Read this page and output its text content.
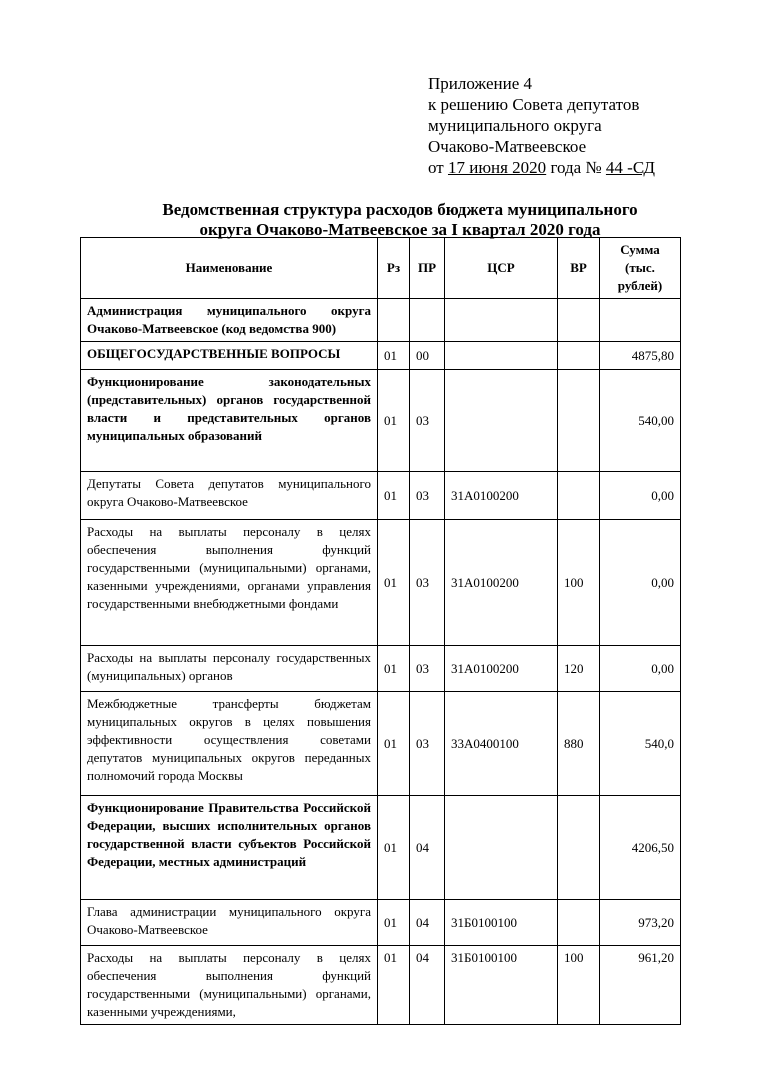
Приложение 4
к решению Совета депутатов
муниципального округа
Очаково-Матвеевское
от 17 июня 2020 года № 44 -СД
Ведомственная структура расходов бюджета муниципального
округа Очаково-Матвеевское за I квартал 2020 года
Наименование	Рз	ПР	ЦСР	ВР	Сумма (тыс. рублей)
Администрация муниципального округа Очаково-Матвеевское (код ведомства 900)					
ОБЩЕГОСУДАРСТВЕННЫЕ ВОПРОСЫ	01	00			4875,80
Функционирование законодательных (представительных) органов государственной власти и представительных органов муниципальных образований	01	03			540,00
Депутаты Совета депутатов муниципального округа Очаково-Матвеевское	01	03	31А0100200		0,00
Расходы на выплаты персоналу в целях обеспечения выполнения функций государственными (муниципальными) органами, казенными учреждениями, органами управления государственными внебюджетными фондами	01	03	31А0100200	100	0,00
Расходы на выплаты персоналу государственных (муниципальных) органов	01	03	31А0100200	120	0,00
Межбюджетные трансферты бюджетам муниципальных округов в целях повышения эффективности осуществления советами депутатов муниципальных округов переданных полномочий города Москвы	01	03	33А0400100	880	540,0
Функционирование Правительства Российской Федерации, высших исполнительных органов государственной власти субъектов Российской Федерации, местных администраций	01	04			4206,50
Глава администрации муниципального округа Очаково-Матвеевское	01	04	31Б0100100		973,20
Расходы на выплаты персоналу в целях обеспечения выполнения функций государственными (муниципальными) органами, казенными учреждениями,	01	04	31Б0100100	100	961,20
